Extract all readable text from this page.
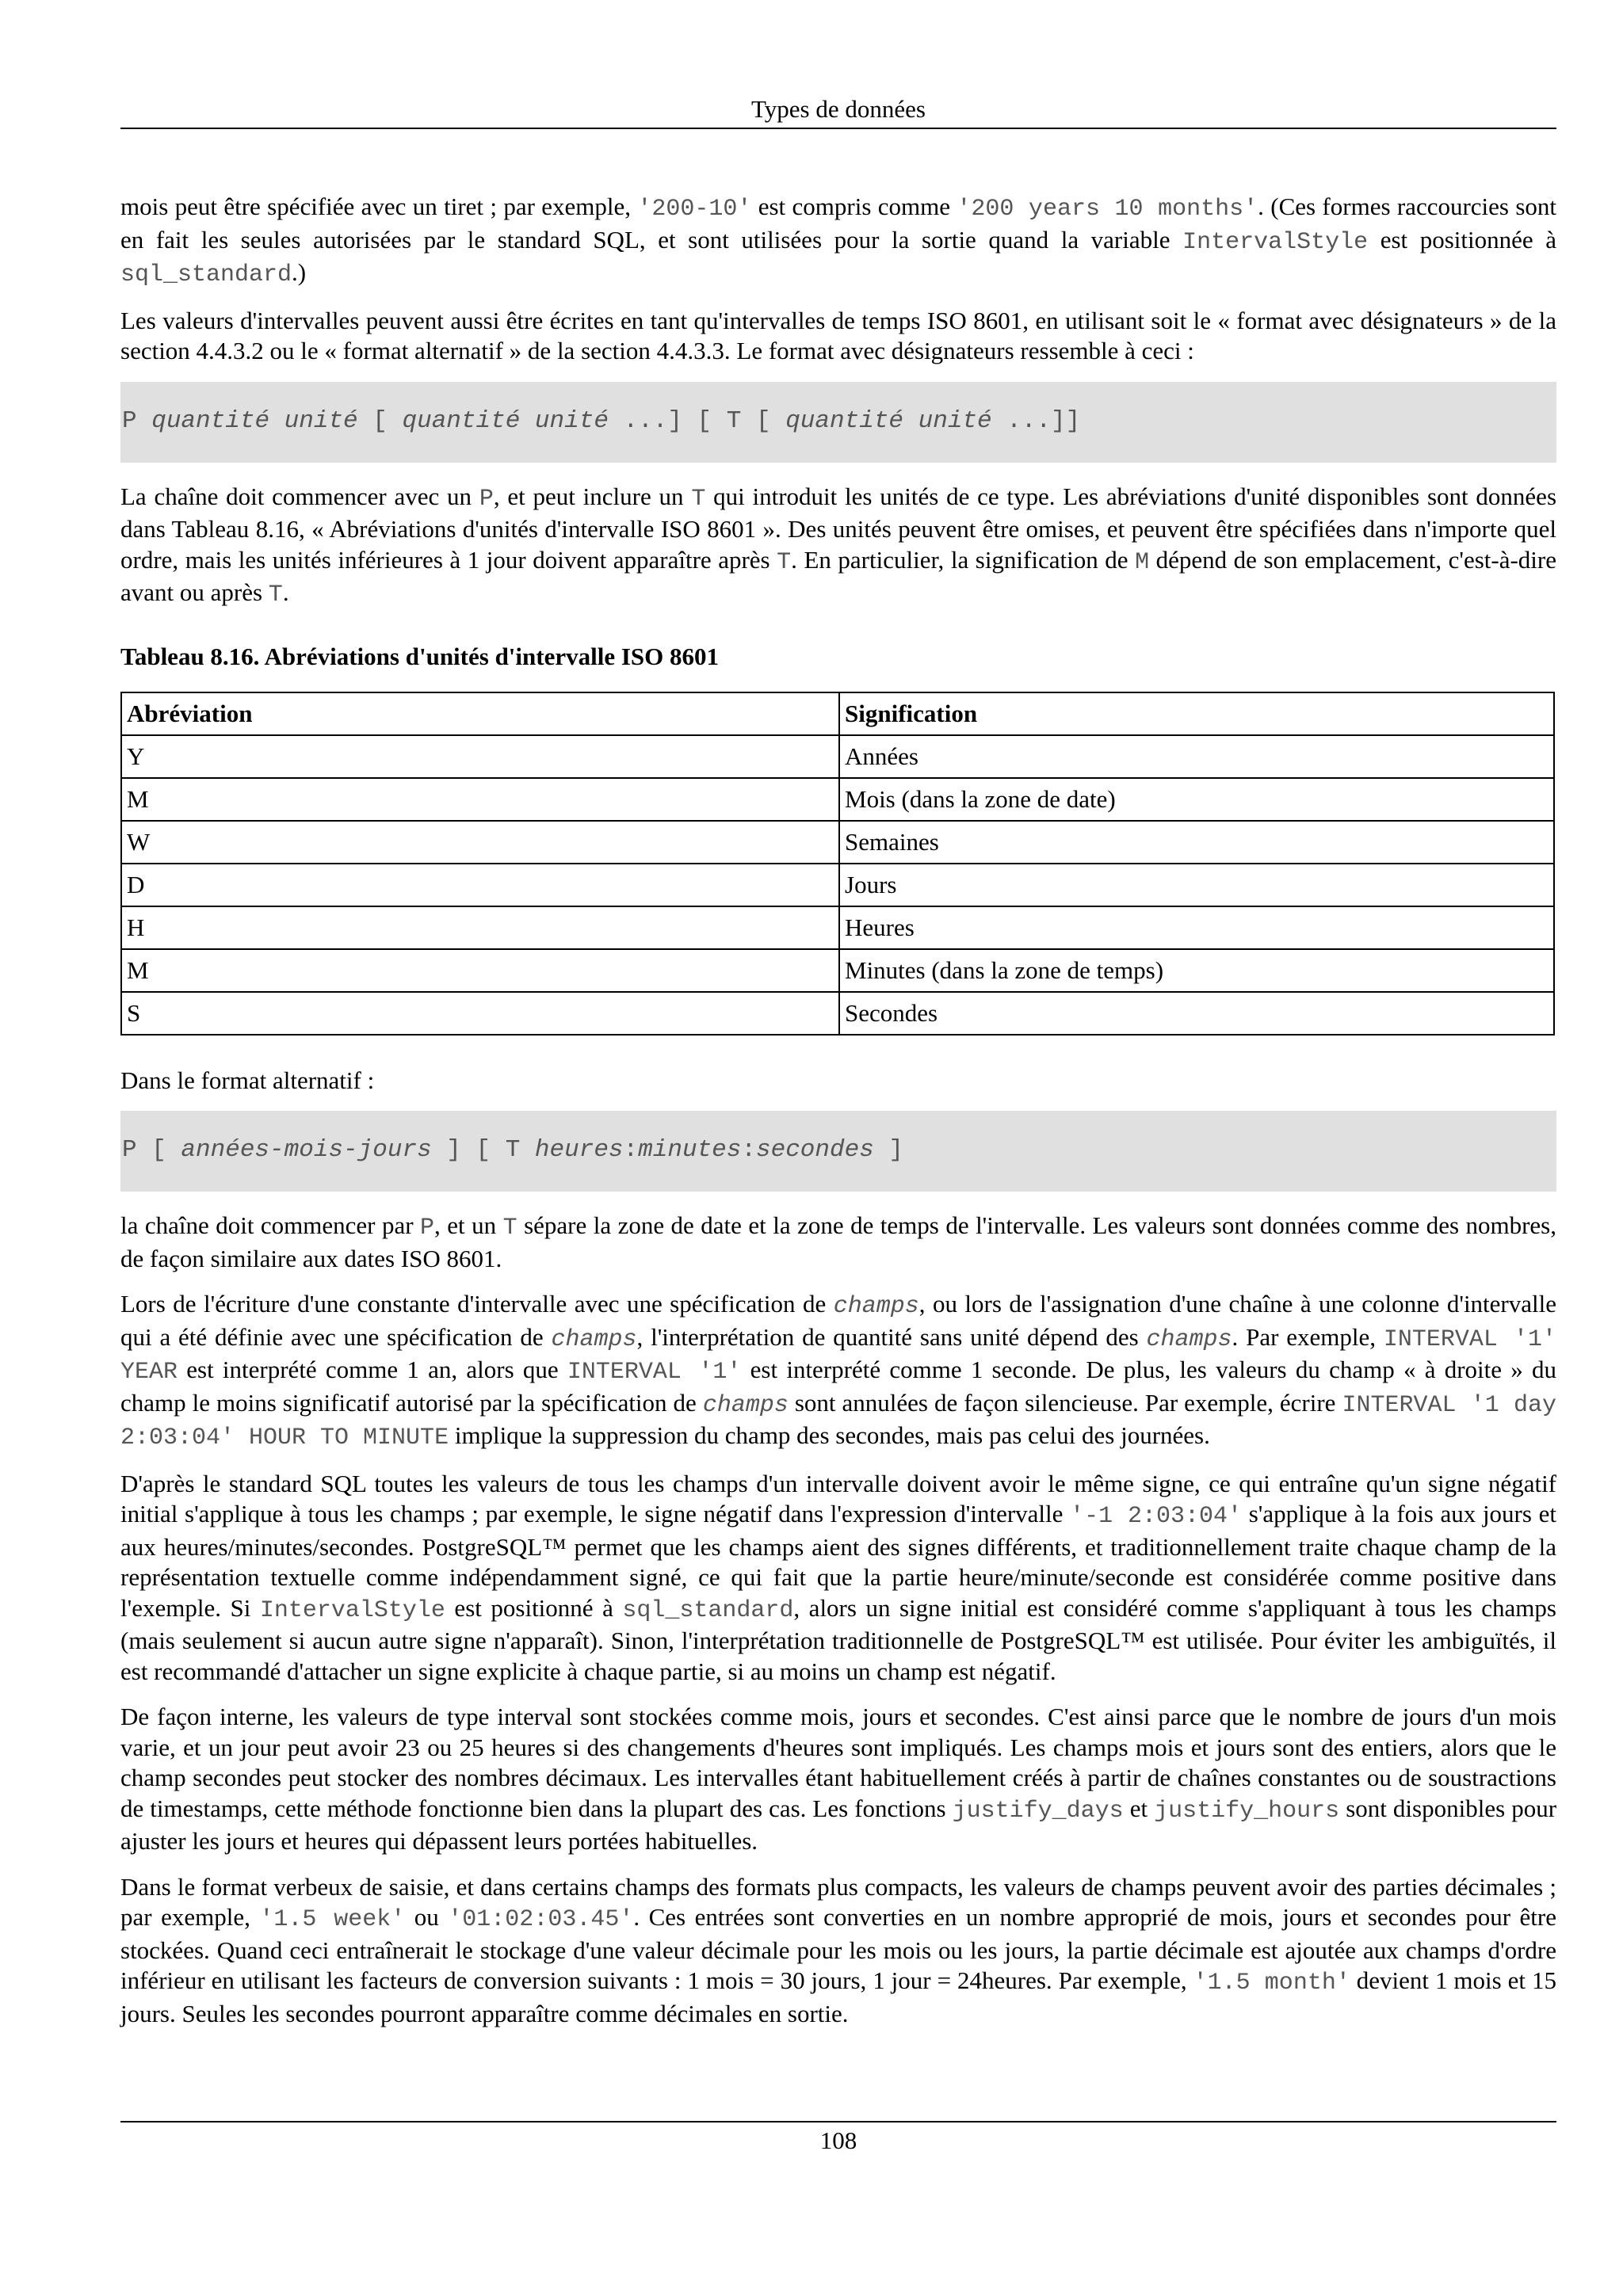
Types de données

mois peut être spécifiée avec un tiret ; par exemple, '200-10' est compris comme '200 years 10 months'. (Ces formes raccourcies sont en fait les seules autorisées par le standard SQL, et sont utilisées pour la sortie quand la variable IntervalStyle est positionnée à sql_standard.)

Les valeurs d'intervalles peuvent aussi être écrites en tant qu'intervalles de temps ISO 8601, en utilisant soit le « format avec désignateurs » de la section 4.4.3.2 ou le « format alternatif » de la section 4.4.3.3. Le format avec désignateurs ressemble à ceci :

P quantité unité [ quantité unité ...] [ T [ quantité unité ...]]

La chaîne doit commencer avec un P, et peut inclure un T qui introduit les unités de ce type. Les abréviations d'unité disponibles sont données dans Tableau 8.16, « Abréviations d'unités d'intervalle ISO 8601 ». Des unités peuvent être omises, et peuvent être spécifiées dans n'importe quel ordre, mais les unités inférieures à 1 jour doivent apparaître après T. En particulier, la signification de M dépend de son emplacement, c'est-à-dire avant ou après T.

Tableau 8.16. Abréviations d'unités d'intervalle ISO 8601
Abréviation	Signification
Y	Années
M	Mois (dans la zone de date)
W	Semaines
D	Jours
H	Heures
M	Minutes (dans la zone de temps)
S	Secondes

Dans le format alternatif :

P [ années-mois-jours ] [ T heures:minutes:secondes ]

la chaîne doit commencer par P, et un T sépare la zone de date et la zone de temps de l'intervalle. Les valeurs sont données comme des nombres, de façon similaire aux dates ISO 8601.

Lors de l'écriture d'une constante d'intervalle avec une spécification de champs, ou lors de l'assignation d'une chaîne à une colonne d'intervalle qui a été définie avec une spécification de champs, l'interprétation de quantité sans unité dépend des champs. Par exemple, INTERVAL '1' YEAR est interprété comme 1 an, alors que INTERVAL '1' est interprété comme 1 seconde. De plus, les valeurs du champ « à droite » du champ le moins significatif autorisé par la spécification de champs sont annulées de façon silencieuse. Par exemple, écrire INTERVAL '1 day 2:03:04' HOUR TO MINUTE implique la suppression du champ des secondes, mais pas celui des journées.

D'après le standard SQL toutes les valeurs de tous les champs d'un intervalle doivent avoir le même signe, ce qui entraîne qu'un signe négatif initial s'applique à tous les champs ; par exemple, le signe négatif dans l'expression d'intervalle '-1 2:03:04' s'applique à la fois aux jours et aux heures/minutes/secondes. PostgreSQL™ permet que les champs aient des signes différents, et traditionnellement traite chaque champ de la représentation textuelle comme indépendamment signé, ce qui fait que la partie heure/minute/seconde est considérée comme positive dans l'exemple. Si IntervalStyle est positionné à sql_standard, alors un signe initial est considéré comme s'appliquant à tous les champs (mais seulement si aucun autre signe n'apparaît). Sinon, l'interprétation traditionnelle de PostgreSQL™ est utilisée. Pour éviter les ambiguïtés, il est recommandé d'attacher un signe explicite à chaque partie, si au moins un champ est négatif.

De façon interne, les valeurs de type interval sont stockées comme mois, jours et secondes. C'est ainsi parce que le nombre de jours d'un mois varie, et un jour peut avoir 23 ou 25 heures si des changements d'heures sont impliqués. Les champs mois et jours sont des entiers, alors que le champ secondes peut stocker des nombres décimaux. Les intervalles étant habituellement créés à partir de chaînes constantes ou de soustractions de timestamps, cette méthode fonctionne bien dans la plupart des cas. Les fonctions justify_days et justify_hours sont disponibles pour ajuster les jours et heures qui dépassent leurs portées habituelles.

Dans le format verbeux de saisie, et dans certains champs des formats plus compacts, les valeurs de champs peuvent avoir des parties décimales ; par exemple, '1.5 week' ou '01:02:03.45'. Ces entrées sont converties en un nombre approprié de mois, jours et secondes pour être stockées. Quand ceci entraînerait le stockage d'une valeur décimale pour les mois ou les jours, la partie décimale est ajoutée aux champs d'ordre inférieur en utilisant les facteurs de conversion suivants : 1 mois = 30 jours, 1 jour = 24heures. Par exemple, '1.5 month' devient 1 mois et 15 jours. Seules les secondes pourront apparaître comme décimales en sortie.

108
